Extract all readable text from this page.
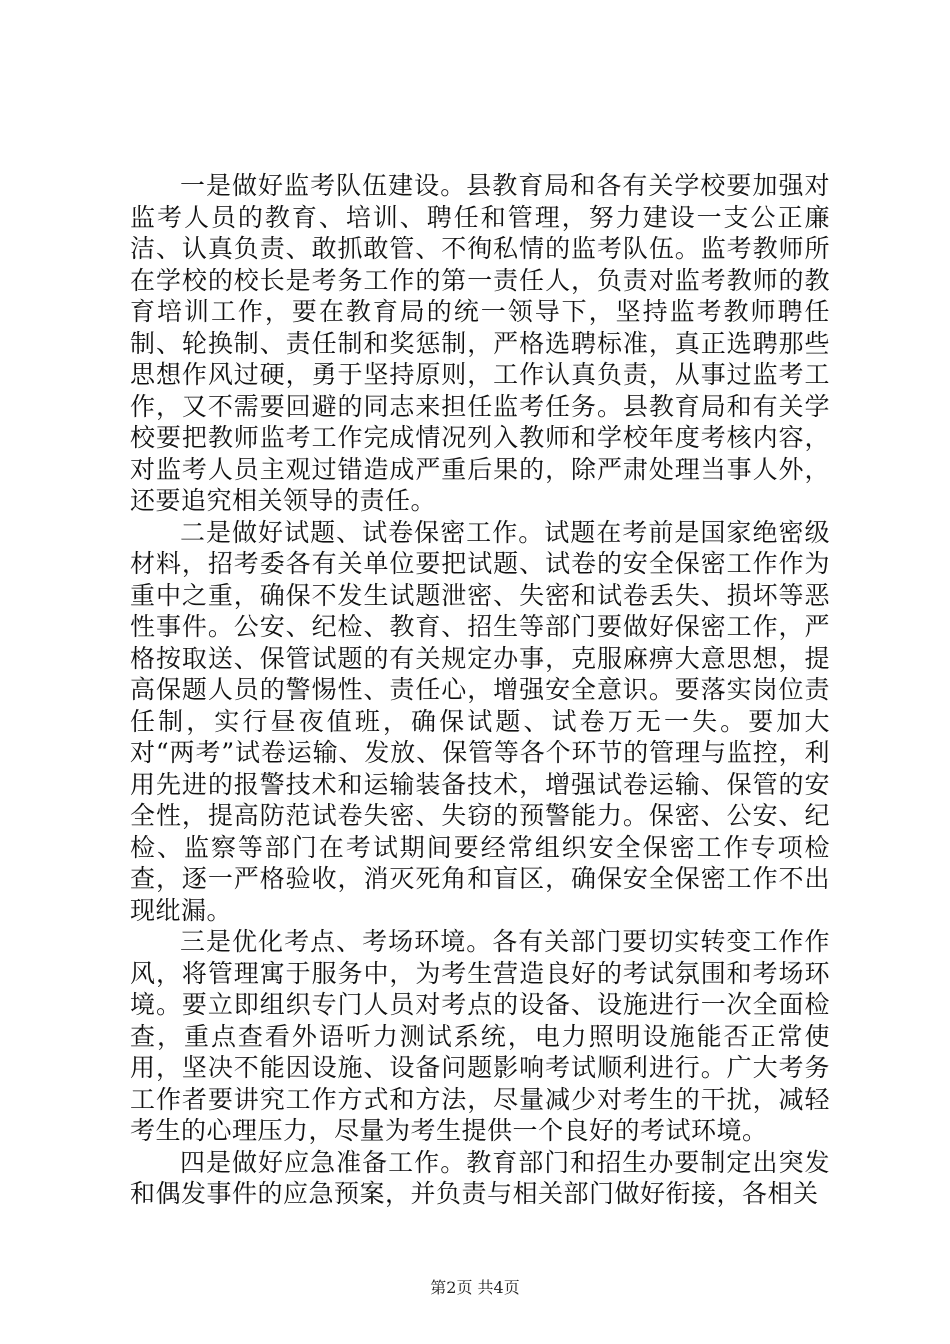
一是做好监考队伍建设。县教育局和各有关学校要加强对监考人员的教育、培训、聘任和管理，努力建设一支公正廉洁、认真负责、敢抓敢管、不徇私情的监考队伍。监考教师所在学校的校长是考务工作的第一责任人，负责对监考教师的教育培训工作，要在教育局的统一领导下，坚持监考教师聘任制、轮换制、责任制和奖惩制，严格选聘标准，真正选聘那些思想作风过硬，勇于坚持原则，工作认真负责，从事过监考工作，又不需要回避的同志来担任监考任务。县教育局和有关学校要把教师监考工作完成情况列入教师和学校年度考核内容，对监考人员主观过错造成严重后果的，除严肃处理当事人外，还要追究相关领导的责任。

二是做好试题、试卷保密工作。试题在考前是国家绝密级材料，招考委各有关单位要把试题、试卷的安全保密工作作为重中之重，确保不发生试题泄密、失密和试卷丢失、损坏等恶性事件。公安、纪检、教育、招生等部门要做好保密工作，严格按取送、保管试题的有关规定办事，克服麻痹大意思想，提高保题人员的警惕性、责任心，增强安全意识。要落实岗位责任制，实行昼夜值班，确保试题、试卷万无一失。要加大对“两考”试卷运输、发放、保管等各个环节的管理与监控，利用先进的报警技术和运输装备技术，增强试卷运输、保管的安全性，提高防范试卷失密、失窃的预警能力。保密、公安、纪检、监察等部门在考试期间要经常组织安全保密工作专项检查，逐一严格验收，消灭死角和盲区，确保安全保密工作不出现纰漏。

三是优化考点、考场环境。各有关部门要切实转变工作作风，将管理寓于服务中，为考生营造良好的考试氛围和考场环境。要立即组织专门人员对考点的设备、设施进行一次全面检查，重点查看外语听力测试系统，电力照明设施能否正常使用，坚决不能因设施、设备问题影响考试顺利进行。广大考务工作者要讲究工作方式和方法，尽量减少对考生的干扰，减轻考生的心理压力，尽量为考生提供一个良好的考试环境。

四是做好应急准备工作。教育部门和招生办要制定出突发和偶发事件的应急预案，并负责与相关部门做好衔接，各相关

第2页 共4页
